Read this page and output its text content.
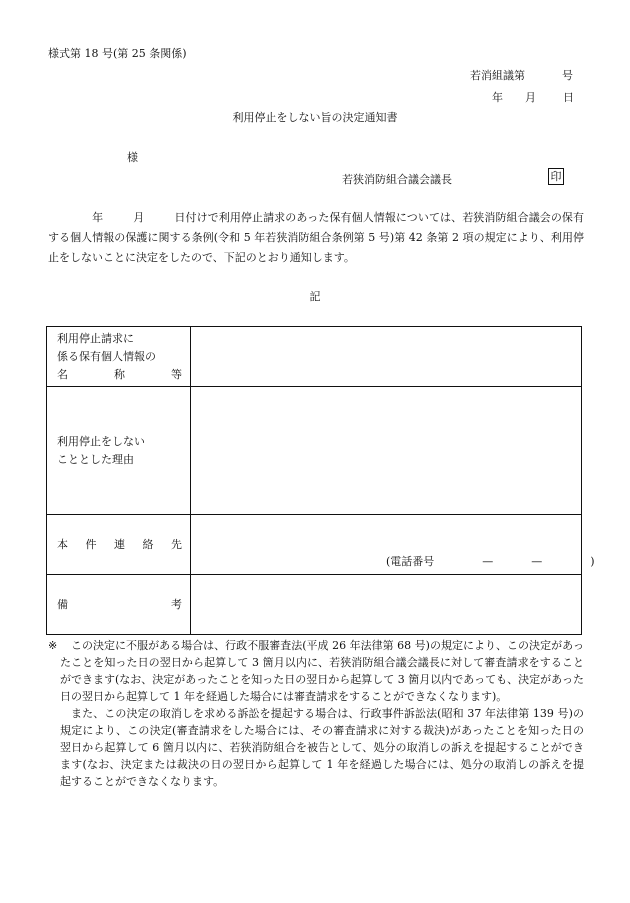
様式第 18 号(第 25 条関係)
若消組議第	号
年 月 日
利用停止をしない旨の決定通知書
様
若狭消防組合議会議長	印
年	月	日付けで利用停止請求のあった保有個人情報については、若狭消防組合議会の保有する個人情報の保護に関する条例(令和 5 年若狭消防組合条例第 5 号)第 42 条第 2 項の規定により、利用停止をしないことに決定をしたので、下記のとおり通知します。
記
利用停止請求に
係る保有個人情報の
名 称 等	

利用停止をしない
こととした理由	

本 件 連 絡 先	(電話番号 — — )

備 考	

※	この決定に不服がある場合は、行政不服審査法(平成 26 年法律第 68 号)の規定により、この決定があったことを知った日の翌日から起算して 3 箇月以内に、若狭消防組合議会議長に対して審査請求をすることができます(なお、決定があったことを知った日の翌日から起算して 3 箇月以内であっても、決定があった日の翌日から起算して 1 年を経過した場合には審査請求をすることができなくなります)。

また、この決定の取消しを求める訴訟を提起する場合は、行政事件訴訟法(昭和 37 年法律第 139 号)の規定により、この決定(審査請求をした場合には、その審査請求に対する裁決)があったことを知った日の翌日から起算して 6 箇月以内に、若狭消防組合を被告として、処分の取消しの訴えを提起することができます(なお、決定または裁決の日の翌日から起算して 1 年を経過した場合には、処分の取消しの訴えを提起することができなくなります。
